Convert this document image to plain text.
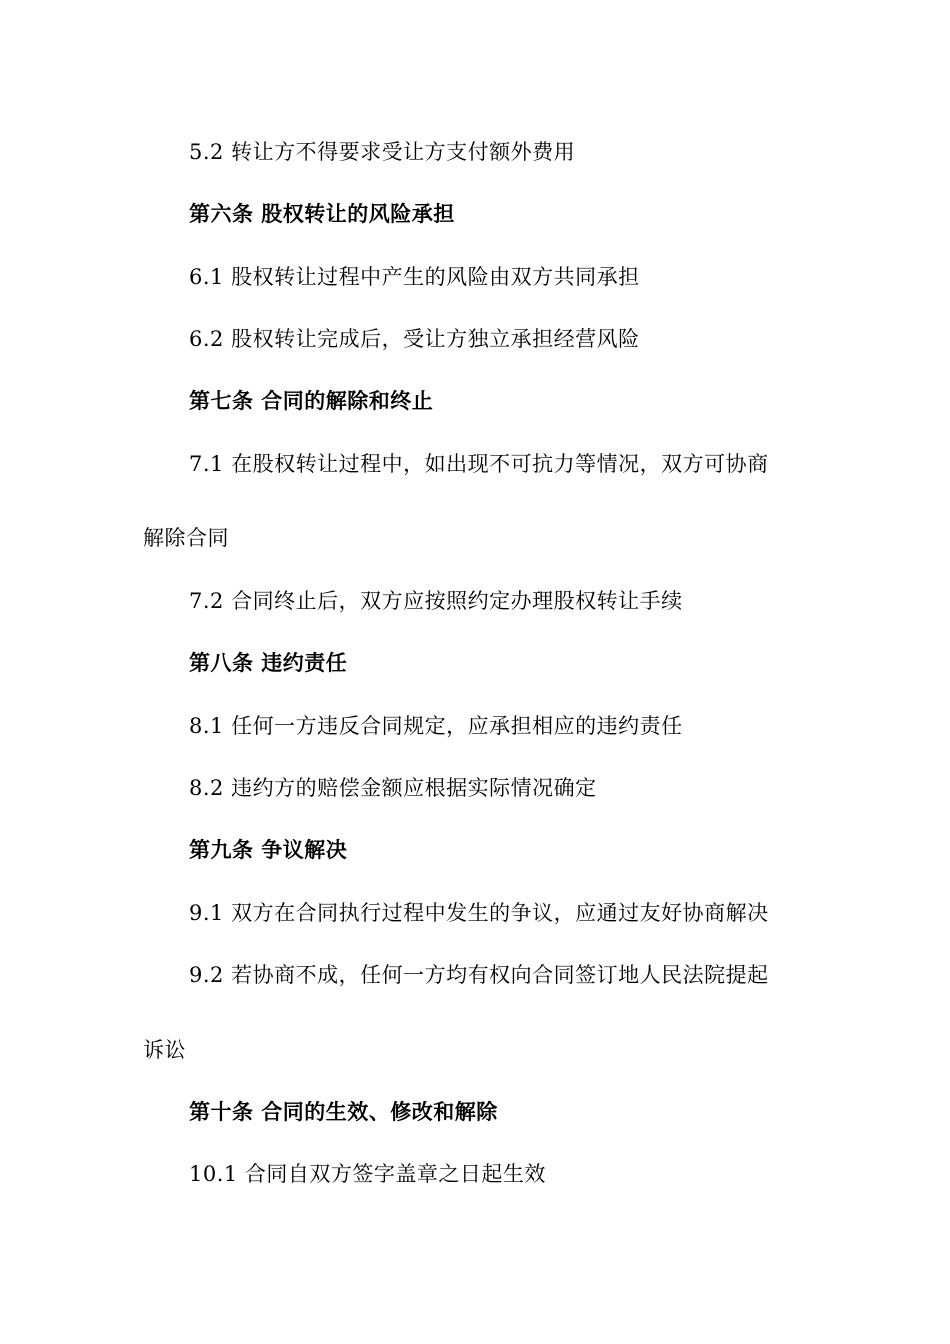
5.2 转让方不得要求受让方支付额外费用
第六条 股权转让的风险承担
6.1 股权转让过程中产生的风险由双方共同承担
6.2 股权转让完成后，受让方独立承担经营风险
第七条 合同的解除和终止
7.1 在股权转让过程中，如出现不可抗力等情况，双方可协商
解除合同
7.2 合同终止后，双方应按照约定办理股权转让手续
第八条 违约责任
8.1 任何一方违反合同规定，应承担相应的违约责任
8.2 违约方的赔偿金额应根据实际情况确定
第九条 争议解决
9.1 双方在合同执行过程中发生的争议，应通过友好协商解决
9.2 若协商不成，任何一方均有权向合同签订地人民法院提起
诉讼
第十条 合同的生效、修改和解除
10.1 合同自双方签字盖章之日起生效
